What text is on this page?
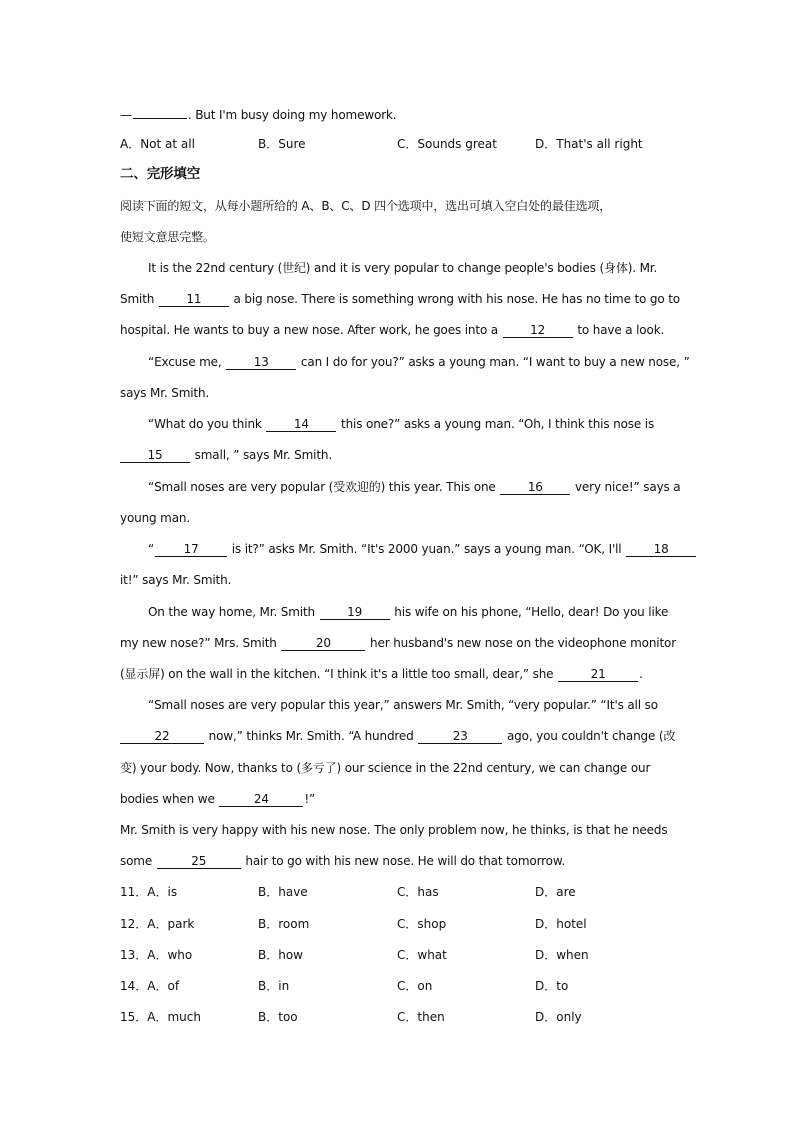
—	. But I'm busy doing my homework.
A．Not at all	B．Sure	C．Sounds great	D．That's all right
二、完形填空
阅读下面的短文，从每小题所给的 A、B、C、D 四个选项中，选出可填入空白处的最佳选项，
使短文意思完整。
It is the 22nd century (世纪) and it is very popular to change people's bodies (身体). Mr.
Smith 11 a big nose. There is something wrong with his nose. He has no time to go to
hospital. He wants to buy a new nose. After work, he goes into a 12 to have a look.
“Excuse me, 13 can I do for you?” asks a young man. “I want to buy a new nose, ”
says Mr. Smith.
“What do you think 14 this one?” asks a young man. “Oh, I think this nose is
15 small, ” says Mr. Smith.
“Small noses are very popular (受欢迎的) this year. This one 16 very nice!” says a
young man.
“ 17 is it?” asks Mr. Smith. “It's 2000 yuan.” says a young man. “OK, I'll 18
it!” says Mr. Smith.
On the way home, Mr. Smith 19 his wife on his phone, “Hello, dear! Do you like
my new nose?” Mrs. Smith	20	her husband's new nose on the videophone monitor
(显示屏) on the wall in the kitchen. “I think it's a little too small, dear,” she	21	.
“Small noses are very popular this year,” answers Mr. Smith, “very popular.” “It's all so
22	now,” thinks Mr. Smith. “A hundred	23	ago, you couldn't change (改
变) your body. Now, thanks to (多亏了) our science in the 22nd century, we can change our
bodies when we	24	!”
Mr. Smith is very happy with his new nose. The only problem now, he thinks, is that he needs
some	25	hair to go with his new nose. He will do that tomorrow.
11．A．is	B．have	C．has	D．are
12．A．park	B．room	C．shop	D．hotel
13．A．who	B．how	C．what	D．when
14．A．of	B．in	C．on	D．to
15．A．much	B．too	C．then	D．only
